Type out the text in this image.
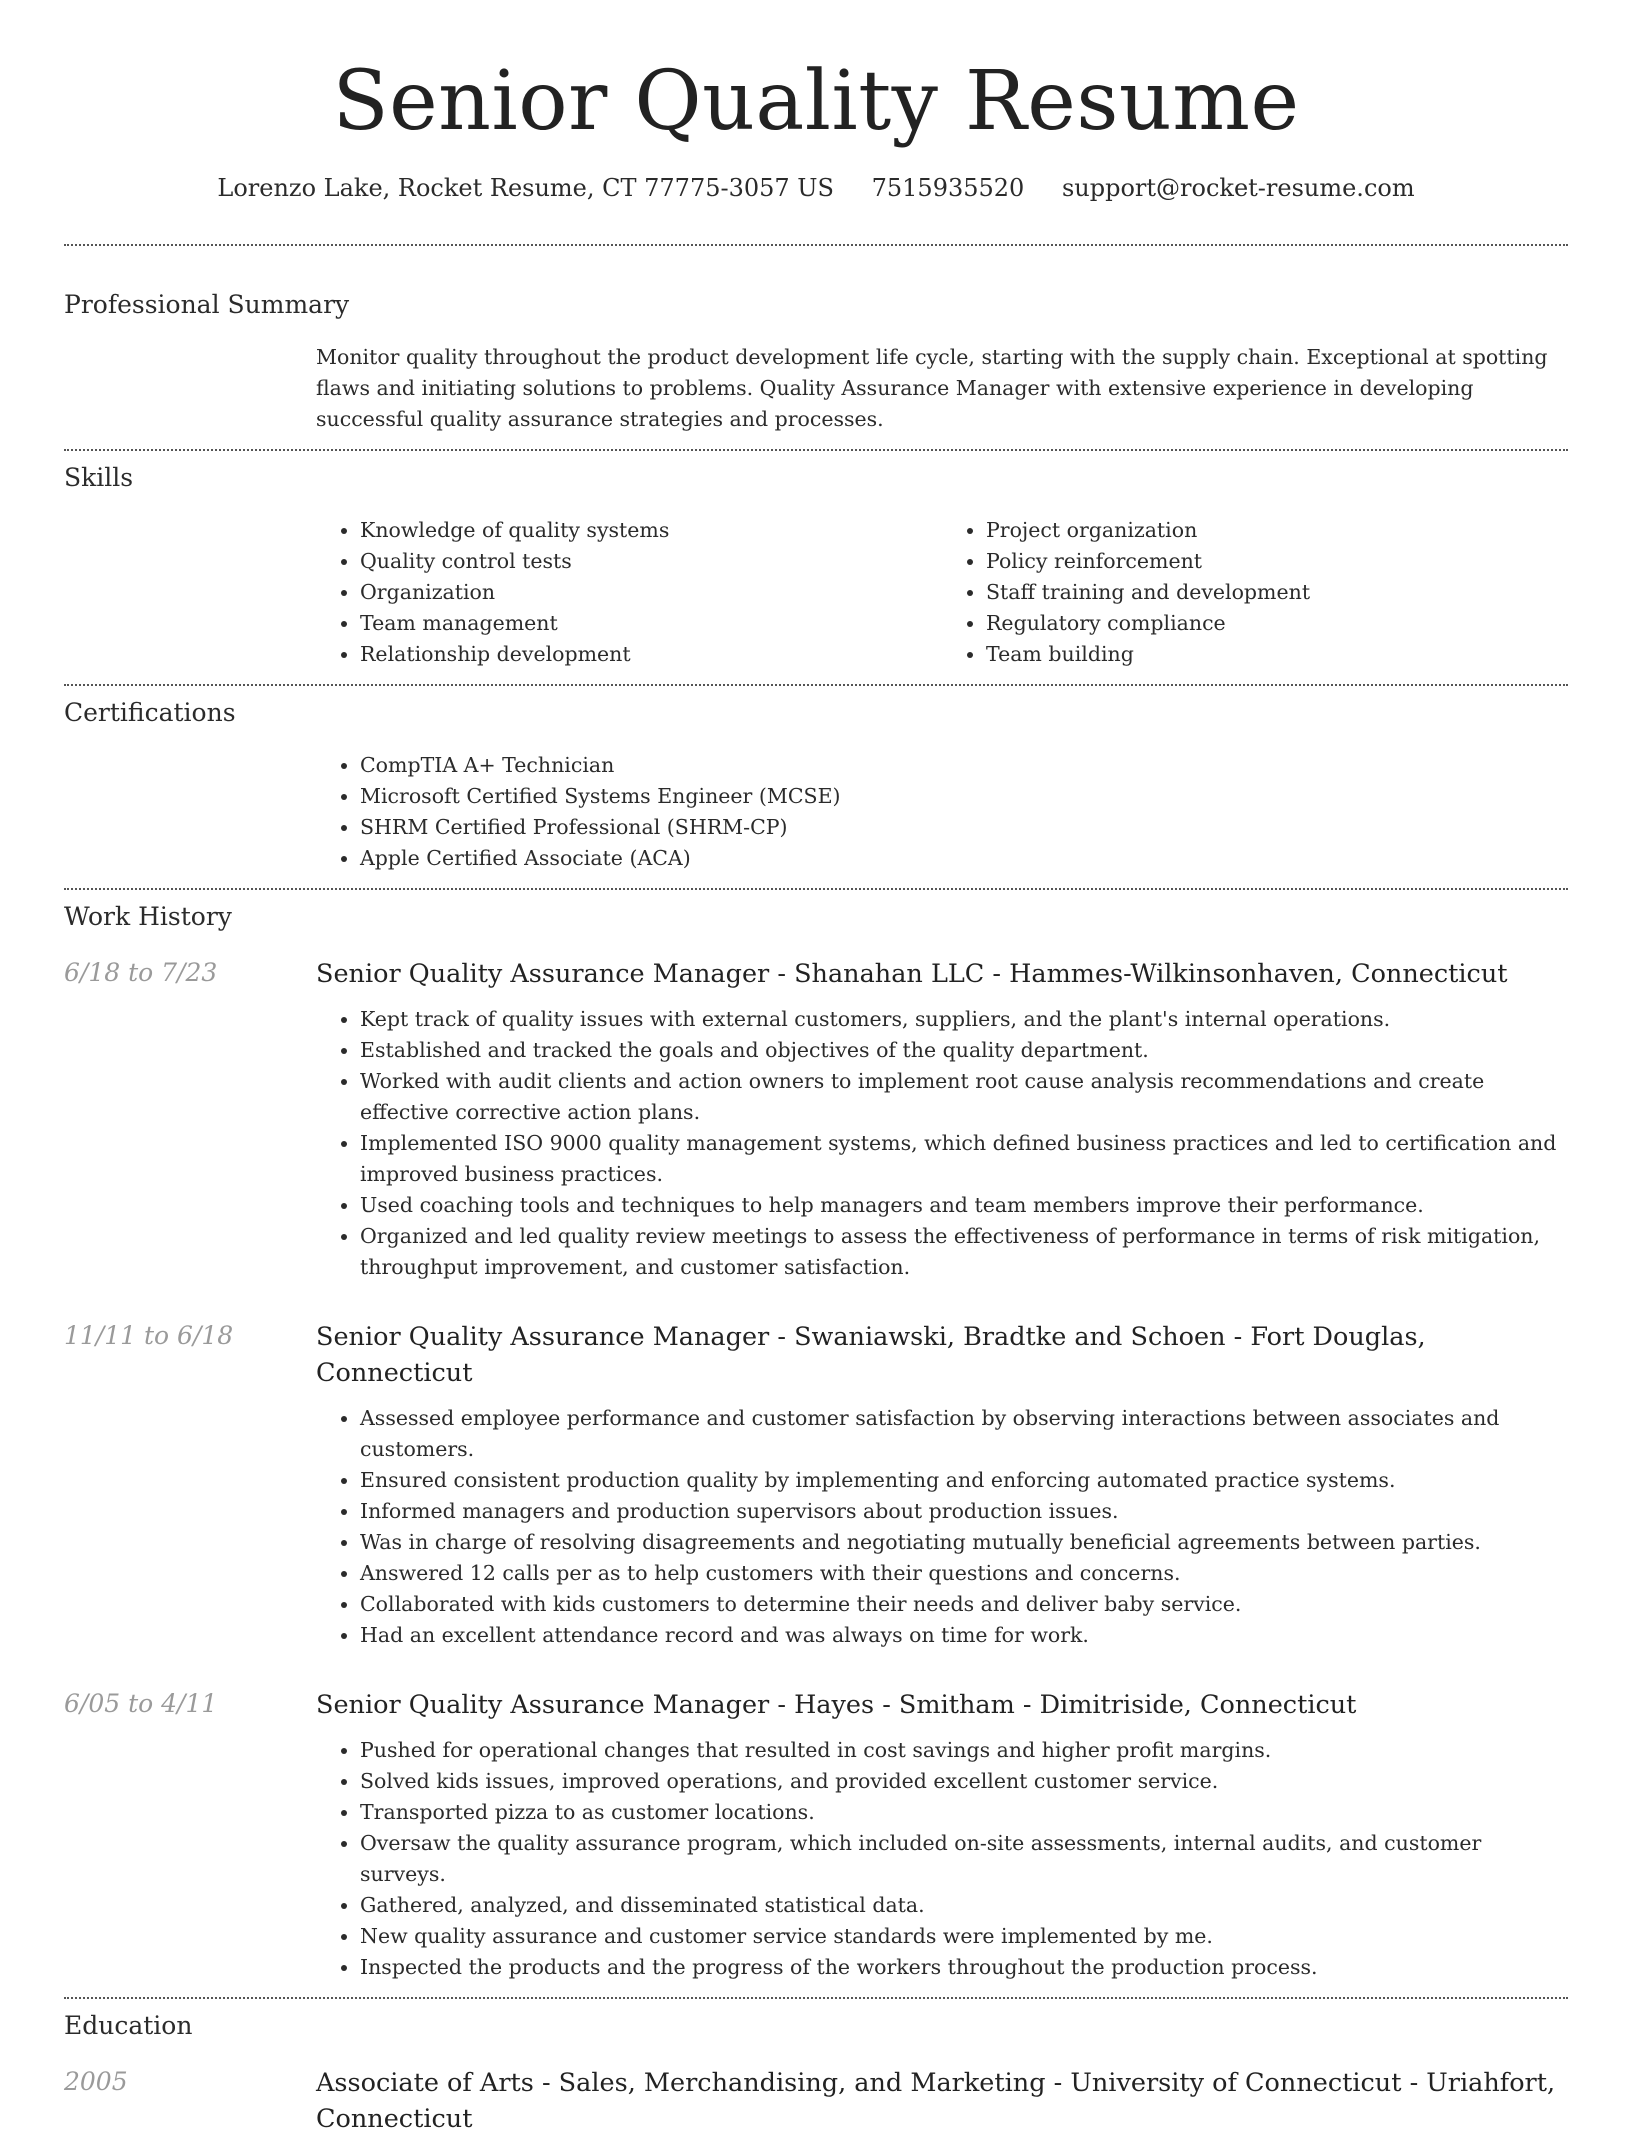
Senior Quality Resume
Lorenzo Lake, Rocket Resume, CT 77775-3057 US 7515935520 support@rocket-resume.com
Professional Summary
Monitor quality throughout the product development life cycle, starting with the supply chain. Exceptional at spotting flaws and initiating solutions to problems. Quality Assurance Manager with extensive experience in developing successful quality assurance strategies and processes.
Skills
• Knowledge of quality systems
• Quality control tests
• Organization
• Team management
• Relationship development
• Project organization
• Policy reinforcement
• Staff training and development
• Regulatory compliance
• Team building
Certifications
• CompTIA A+ Technician
• Microsoft Certified Systems Engineer (MCSE)
• SHRM Certified Professional (SHRM-CP)
• Apple Certified Associate (ACA)
Work History
6/18 to 7/23	Senior Quality Assurance Manager - Shanahan LLC - Hammes-Wilkinsonhaven, Connecticut
• Kept track of quality issues with external customers, suppliers, and the plant's internal operations.
• Established and tracked the goals and objectives of the quality department.
• Worked with audit clients and action owners to implement root cause analysis recommendations and create effective corrective action plans.
• Implemented ISO 9000 quality management systems, which defined business practices and led to certification and improved business practices.
• Used coaching tools and techniques to help managers and team members improve their performance.
• Organized and led quality review meetings to assess the effectiveness of performance in terms of risk mitigation, throughput improvement, and customer satisfaction.
11/11 to 6/18	Senior Quality Assurance Manager - Swaniawski, Bradtke and Schoen - Fort Douglas, Connecticut
• Assessed employee performance and customer satisfaction by observing interactions between associates and customers.
• Ensured consistent production quality by implementing and enforcing automated practice systems.
• Informed managers and production supervisors about production issues.
• Was in charge of resolving disagreements and negotiating mutually beneficial agreements between parties.
• Answered 12 calls per as to help customers with their questions and concerns.
• Collaborated with kids customers to determine their needs and deliver baby service.
• Had an excellent attendance record and was always on time for work.
6/05 to 4/11	Senior Quality Assurance Manager - Hayes - Smitham - Dimitriside, Connecticut
• Pushed for operational changes that resulted in cost savings and higher profit margins.
• Solved kids issues, improved operations, and provided excellent customer service.
• Transported pizza to as customer locations.
• Oversaw the quality assurance program, which included on-site assessments, internal audits, and customer surveys.
• Gathered, analyzed, and disseminated statistical data.
• New quality assurance and customer service standards were implemented by me.
• Inspected the products and the progress of the workers throughout the production process.
Education
2005	Associate of Arts - Sales, Merchandising, and Marketing - University of Connecticut - Uriahfort, Connecticut
